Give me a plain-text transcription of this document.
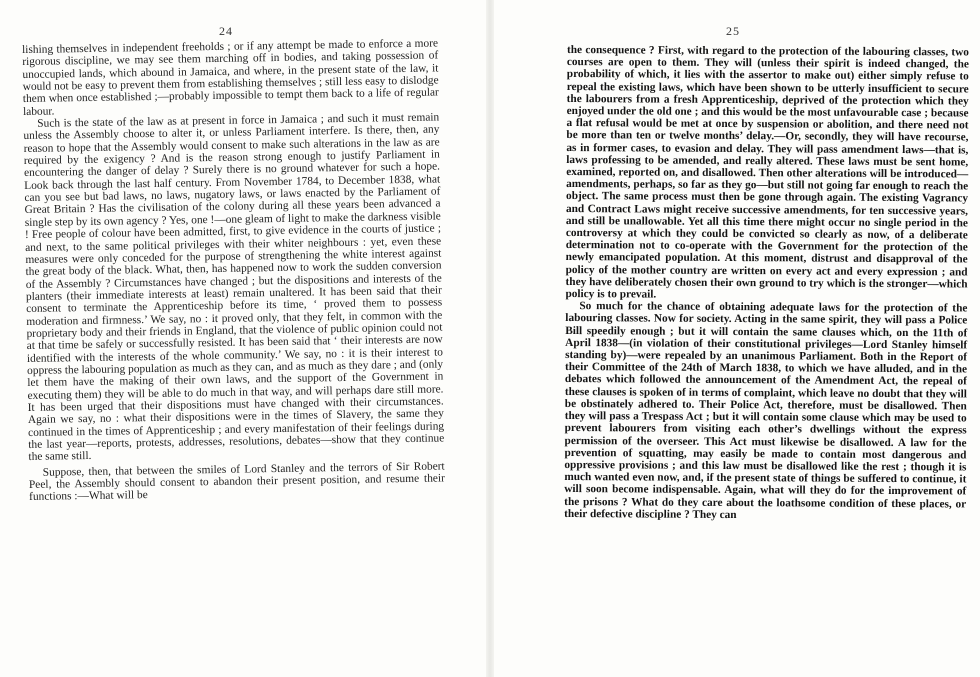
24

lishing themselves in independent freeholds ; or if any attempt be made to enforce a more rigorous discipline, we may see them marching off in bodies, and taking possession of unoccupied lands, which abound in Jamaica, and where, in the present state of the law, it would not be easy to prevent them from establishing themselves ; still less easy to dislodge them when once established ;—probably impossible to tempt them back to a life of regular labour.

Such is the state of the law as at present in force in Jamaica ; and such it must remain unless the Assembly choose to alter it, or unless Parliament interfere. Is there, then, any reason to hope that the Assembly would consent to make such alterations in the law as are required by the exigency ? And is the reason strong enough to justify Parliament in encountering the danger of delay ? Surely there is no ground whatever for such a hope. Look back through the last half century. From November 1784, to December 1838, what can you see but bad laws, no laws, nugatory laws, or laws enacted by the Parliament of Great Britain ? Has the civilisation of the colony during all these years been advanced a single step by its own agency ? Yes, one !—one gleam of light to make the darkness visible ! Free people of colour have been admitted, first, to give evidence in the courts of justice ; and next, to the same political privileges with their whiter neighbours : yet, even these measures were only conceded for the purpose of strengthening the white interest against the great body of the black. What, then, has happened now to work the sudden conversion of the Assembly ? Circumstances have changed ; but the dispositions and interests of the planters (their immediate interests at least) remain unaltered. It has been said that their consent to terminate the Apprenticeship before its time, ‘ proved them to possess moderation and firmness.’ We say, no : it proved only, that they felt, in common with the proprietary body and their friends in England, that the violence of public opinion could not at that time be safely or successfully resisted. It has been said that ‘ their interests are now identified with the interests of the whole community.’ We say, no : it is their interest to oppress the labouring population as much as they can, and as much as they dare ; and (only let them have the making of their own laws, and the support of the Government in executing them) they will be able to do much in that way, and will perhaps dare still more. It has been urged that their dispositions must have changed with their circumstances. Again we say, no : what their dispositions were in the times of Slavery, the same they continued in the times of Apprenticeship ; and every manifestation of their feelings during the last year—reports, protests, addresses, resolutions, debates—show that they continue the same still.

Suppose, then, that between the smiles of Lord Stanley and the terrors of Sir Robert Peel, the Assembly should consent to abandon their present position, and resume their functions :—What will be

25

the consequence ? First, with regard to the protection of the labouring classes, two courses are open to them. They will (unless their spirit is indeed changed, the probability of which, it lies with the assertor to make out) either simply refuse to repeal the existing laws, which have been shown to be utterly insufficient to secure the labourers from a fresh Apprenticeship, deprived of the protection which they enjoyed under the old one ; and this would be the most unfavourable case ; because a flat refusal would be met at once by suspension or abolition, and there need not be more than ten or twelve months’ delay.—Or, secondly, they will have recourse, as in former cases, to evasion and delay. They will pass amendment laws—that is, laws professing to be amended, and really altered. These laws must be sent home, examined, reported on, and disallowed. Then other alterations will be introduced—amendments, perhaps, so far as they go—but still not going far enough to reach the object. The same process must then be gone through again. The existing Vagrancy and Contract Laws might receive successive amendments, for ten successive years, and still be unallowable. Yet all this time there might occur no single period in the controversy at which they could be convicted so clearly as now, of a deliberate determination not to co-operate with the Government for the protection of the newly emancipated population. At this moment, distrust and disapproval of the policy of the mother country are written on every act and every expression ; and they have deliberately chosen their own ground to try which is the stronger—which policy is to prevail.

So much for the chance of obtaining adequate laws for the protection of the labouring classes. Now for society. Acting in the same spirit, they will pass a Police Bill speedily enough ; but it will contain the same clauses which, on the 11th of April 1838—(in violation of their constitutional privileges—Lord Stanley himself standing by)—were repealed by an unanimous Parliament. Both in the Report of their Committee of the 24th of March 1838, to which we have alluded, and in the debates which followed the announcement of the Amendment Act, the repeal of these clauses is spoken of in terms of complaint, which leave no doubt that they will be obstinately adhered to. Their Police Act, therefore, must be disallowed. Then they will pass a Trespass Act ; but it will contain some clause which may be used to prevent labourers from visiting each other’s dwellings without the express permission of the overseer. This Act must likewise be disallowed. A law for the prevention of squatting, may easily be made to contain most dangerous and oppressive provisions ; and this law must be disallowed like the rest ; though it is much wanted even now, and, if the present state of things be suffered to continue, it will soon become indispensable. Again, what will they do for the improvement of the prisons ? What do they care about the loathsome condition of these places, or their defective discipline ? They can
